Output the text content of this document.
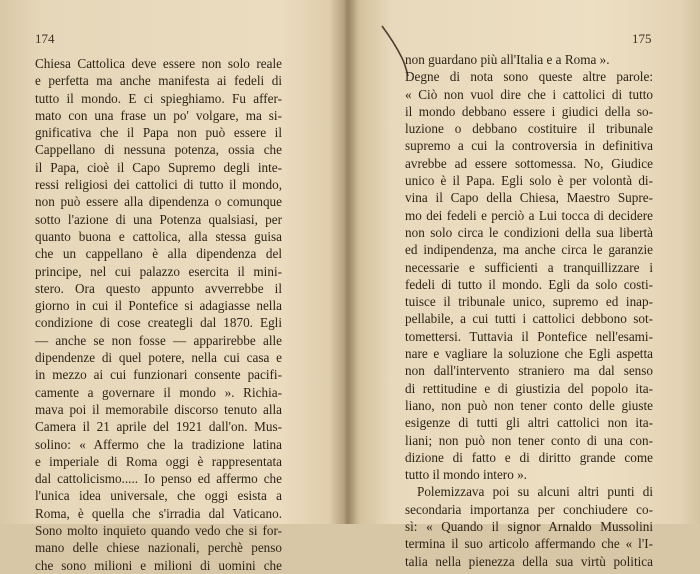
174
Chiesa Cattolica deve essere non solo reale
e perfetta ma anche manifesta ai fedeli di
tutto il mondo. E ci spieghiamo. Fu affer-
mato con una frase un po' volgare, ma si-
gnificativa che il Papa non può essere il
Cappellano di nessuna potenza, ossia che
il Papa, cioè il Capo Supremo degli inte-
ressi religiosi dei cattolici di tutto il mondo,
non può essere alla dipendenza o comunque
sotto l'azione di una Potenza qualsiasi, per
quanto buona e cattolica, alla stessa guisa
che un cappellano è alla dipendenza del
principe, nel cui palazzo esercita il mini-
stero. Ora questo appunto avverrebbe il
giorno in cui il Pontefice si adagiasse nella
condizione di cose creategli dal 1870. Egli
— anche se non fosse — apparirebbe alle
dipendenze di quel potere, nella cui casa e
in mezzo ai cui funzionari consente pacifi-
camente a governare il mondo ». Richia-
mava poi il memorabile discorso tenuto alla
Camera il 21 aprile del 1921 dall'on. Mus-
solino: « Affermo che la tradizione latina
e imperiale di Roma oggi è rappresentata
dal cattolicismo..... Io penso ed affermo che
l'unica idea universale, che oggi esista a
Roma, è quella che s'irradia dal Vaticano.
Sono molto inquieto quando vedo che si for-
mano delle chiese nazionali, perchè penso
che sono milioni e milioni di uomini che
175
non guardano più all'Italia e a Roma ».
Degne di nota sono queste altre parole:
« Ciò non vuol dire che i cattolici di tutto
il mondo debbano essere i giudici della so-
luzione o debbano costituire il tribunale
supremo a cui la controversia in definitiva
avrebbe ad essere sottomessa. No, Giudice
unico è il Papa. Egli solo è per volontà di-
vina il Capo della Chiesa, Maestro Supre-
mo dei fedeli e perciò a Lui tocca di decidere
non solo circa le condizioni della sua libertà
ed indipendenza, ma anche circa le garanzie
necessarie e sufficienti a tranquillizzare i
fedeli di tutto il mondo. Egli da solo costi-
tuisce il tribunale unico, supremo ed inap-
pellabile, a cui tutti i cattolici debbono sot-
tomettersi. Tuttavia il Pontefice nell'esami-
nare e vagliare la soluzione che Egli aspetta
non dall'intervento straniero ma dal senso
di rettitudine e di giustizia del popolo ita-
liano, non può non tener conto delle giuste
esigenze di tutti gli altri cattolici non ita-
liani; non può non tener conto di una con-
dizione di fatto e di diritto grande come
tutto il mondo intero ».
Polemizzava poi su alcuni altri punti di
secondaria importanza per conchiudere co-
sì: « Quando il signor Arnaldo Mussolini
termina il suo articolo affermando che « l'I-
talia nella pienezza della sua virtù politica
